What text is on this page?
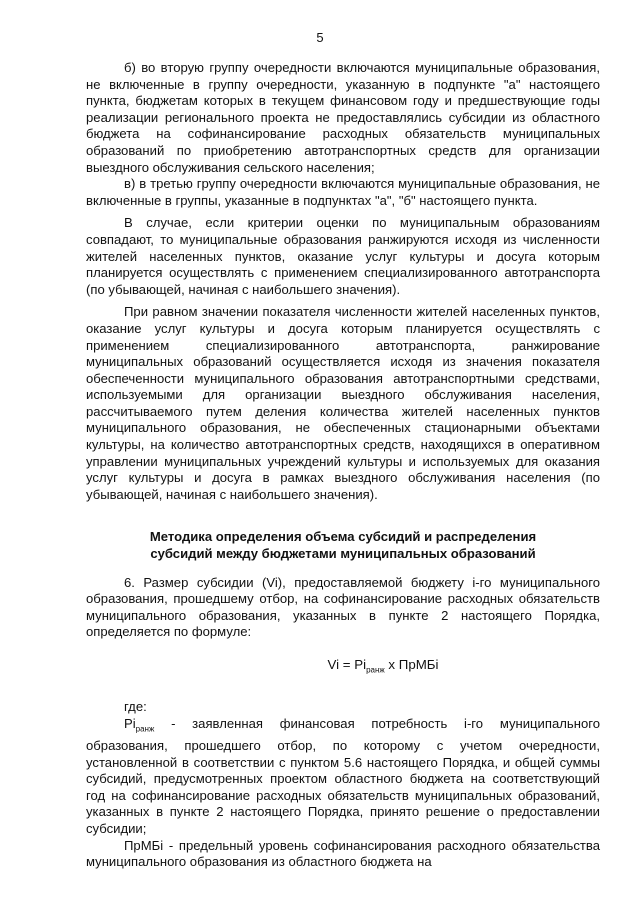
5

б) во вторую группу очередности включаются муниципальные образования, не включенные в группу очередности, указанную в подпункте "а" настоящего пункта, бюджетам которых в текущем финансовом году и предшествующие годы реализации регионального проекта не предоставлялись субсидии из областного бюджета на софинансирование расходных обязательств муниципальных образований по приобретению автотранспортных средств для организации выездного обслуживания сельского населения;

в) в третью группу очередности включаются муниципальные образования, не включенные в группы, указанные в подпунктах "а", "б" настоящего пункта.

В случае, если критерии оценки по муниципальным образованиям совпадают, то муниципальные образования ранжируются исходя из численности жителей населенных пунктов, оказание услуг культуры и досуга которым планируется осуществлять с применением специализированного автотранспорта (по убывающей, начиная с наибольшего значения).

При равном значении показателя численности жителей населенных пунктов, оказание услуг культуры и досуга которым планируется осуществлять с применением специализированного автотранспорта, ранжирование муниципальных образований осуществляется исходя из значения показателя обеспеченности муниципального образования автотранспортными средствами, используемыми для организации выездного обслуживания населения, рассчитываемого путем деления количества жителей населенных пунктов муниципального образования, не обеспеченных стационарными объектами культуры, на количество автотранспортных средств, находящихся в оперативном управлении муниципальных учреждений культуры и используемых для оказания услуг культуры и досуга в рамках выездного обслуживания населения (по убывающей, начиная с наибольшего значения).

Методика определения объема субсидий и распределения субсидий между бюджетами муниципальных образований

6. Размер субсидии (Vi), предоставляемой бюджету i-го муниципального образования, прошедшему отбор, на софинансирование расходных обязательств муниципального образования, указанных в пункте 2 настоящего Порядка, определяется по формуле:

$Vi = Pi_{ранж}$ x ПрМБi

где:

$Pi_{ранж}$ - заявленная финансовая потребность i-го муниципального образования, прошедшего отбор, по которому с учетом очередности, установленной в соответствии с пунктом 5.6 настоящего Порядка, и общей суммы субсидий, предусмотренных проектом областного бюджета на соответствующий год на софинансирование расходных обязательств муниципальных образований, указанных в пункте 2 настоящего Порядка, принято решение о предоставлении субсидии;

ПрМБi - предельный уровень софинансирования расходного обязательства муниципального образования из областного бюджета на
